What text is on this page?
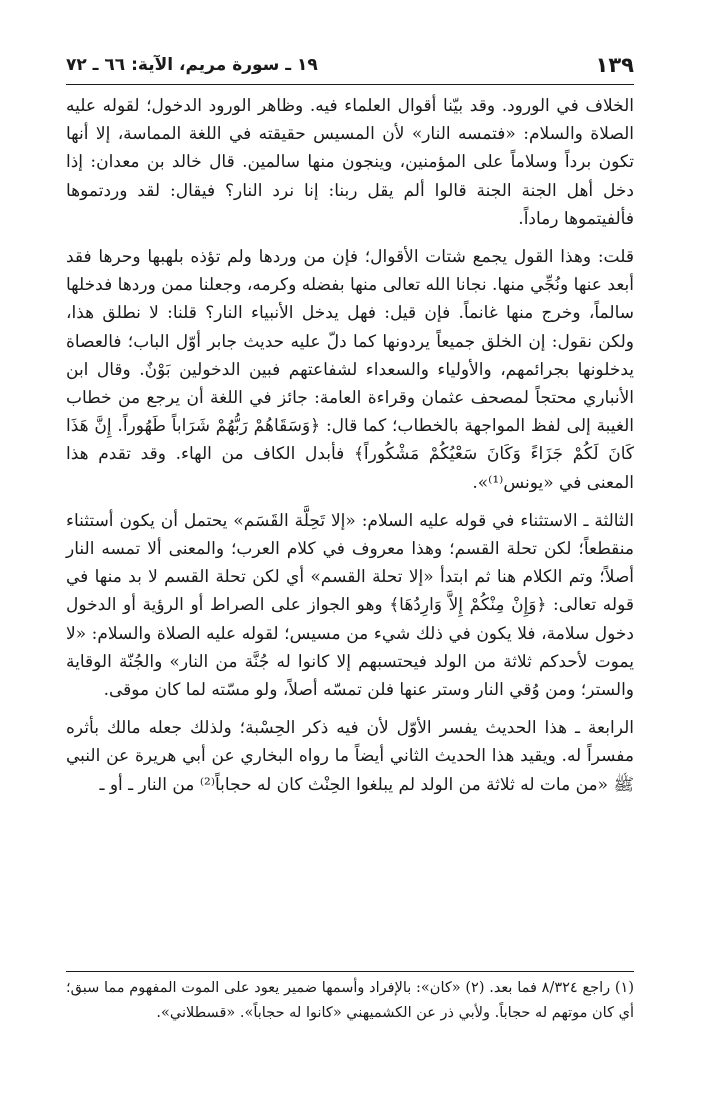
١٩ ـ سورة مريم، الآية: ٦٦ ـ ٧٢	١٣٩

الخلاف في الورود. وقد بيّنا أقوال العلماء فيه. وظاهر الورود الدخول؛ لقوله عليه الصلاة والسلام: «فتمسه النار» لأن المسيس حقيقته في اللغة المماسة، إلا أنها تكون برداً وسلاماً على المؤمنين، وينجون منها سالمين. قال خالد بن معدان: إذا دخل أهل الجنة الجنة قالوا ألم يقل ربنا: إنا نرد النار؟ فيقال: لقد وردتموها فألفيتموها رماداً.

قلت: وهذا القول يجمع شتات الأقوال؛ فإن من وردها ولم تؤذه بلهبها وحرها فقد أبعد عنها ونُجِّي منها. نجانا الله تعالى منها بفضله وكرمه، وجعلنا ممن وردها فدخلها سالماً، وخرج منها غانماً. فإن قيل: فهل يدخل الأنبياء النار؟ قلنا: لا نطلق هذا، ولكن نقول: إن الخلق جميعاً يردونها كما دلّ عليه حديث جابر أوّل الباب؛ فالعصاة يدخلونها بجرائمهم، والأولياء والسعداء لشفاعتهم فبين الدخولين بَوْنٌ. وقال ابن الأنباري محتجاً لمصحف عثمان وقراءة العامة: جائز في اللغة أن يرجع من خطاب الغيبة إلى لفظ المواجهة بالخطاب؛ كما قال: ﴿وَسَقَاهُمْ رَبُّهُمْ شَرَاباً طَهُوراً. إِنَّ هَذَا كَانَ لَكُمْ جَزَاءً وَكَانَ سَعْيُكُمْ مَشْكُوراً﴾ فأبدل الكاف من الهاء. وقد تقدم هذا المعنى في «يونس⁽¹⁾».

الثالثة ـ الاستثناء في قوله عليه السلام: «إلا تَحِلَّة القَسَم» يحتمل أن يكون أستثناء منقطعاً؛ لكن تحلة القسم؛ وهذا معروف في كلام العرب؛ والمعنى ألا تمسه النار أصلاً؛ وتم الكلام هنا ثم ابتدأ «إلا تحلة القسم» أي لكن تحلة القسم لا بد منها في قوله تعالى: ﴿وَإِنْ مِنْكُمْ إِلاَّ وَارِدُهَا﴾ وهو الجواز على الصراط أو الرؤية أو الدخول دخول سلامة، فلا يكون في ذلك شيء من مسيس؛ لقوله عليه الصلاة والسلام: «لا يموت لأحدكم ثلاثة من الولد فيحتسبهم إلا كانوا له جُنَّة من النار» والجُنّة الوقاية والستر؛ ومن وُقي النار وستر عنها فلن تمسّه أصلاً، ولو مسّته لما كان موقى.

الرابعة ـ هذا الحديث يفسر الأوّل لأن فيه ذكر الحِسْبة؛ ولذلك جعله مالك بأثره مفسراً له. ويقيد هذا الحديث الثاني أيضاً ما رواه البخاري عن أبي هريرة عن النبي ﷺ «من مات له ثلاثة من الولد لم يبلغوا الحِنْث كان له حجاباً⁽²⁾ من النار ـ أو ـ

(١) راجع ٨/٣٢٤ فما بعد. (٢) «كان»: بالإفراد وأسمها ضمير يعود على الموت المفهوم مما سبق؛ أي كان موتهم له حجاباً. ولأبي ذر عن الكشميهني «كانوا له حجاباً». «قسطلاني».
